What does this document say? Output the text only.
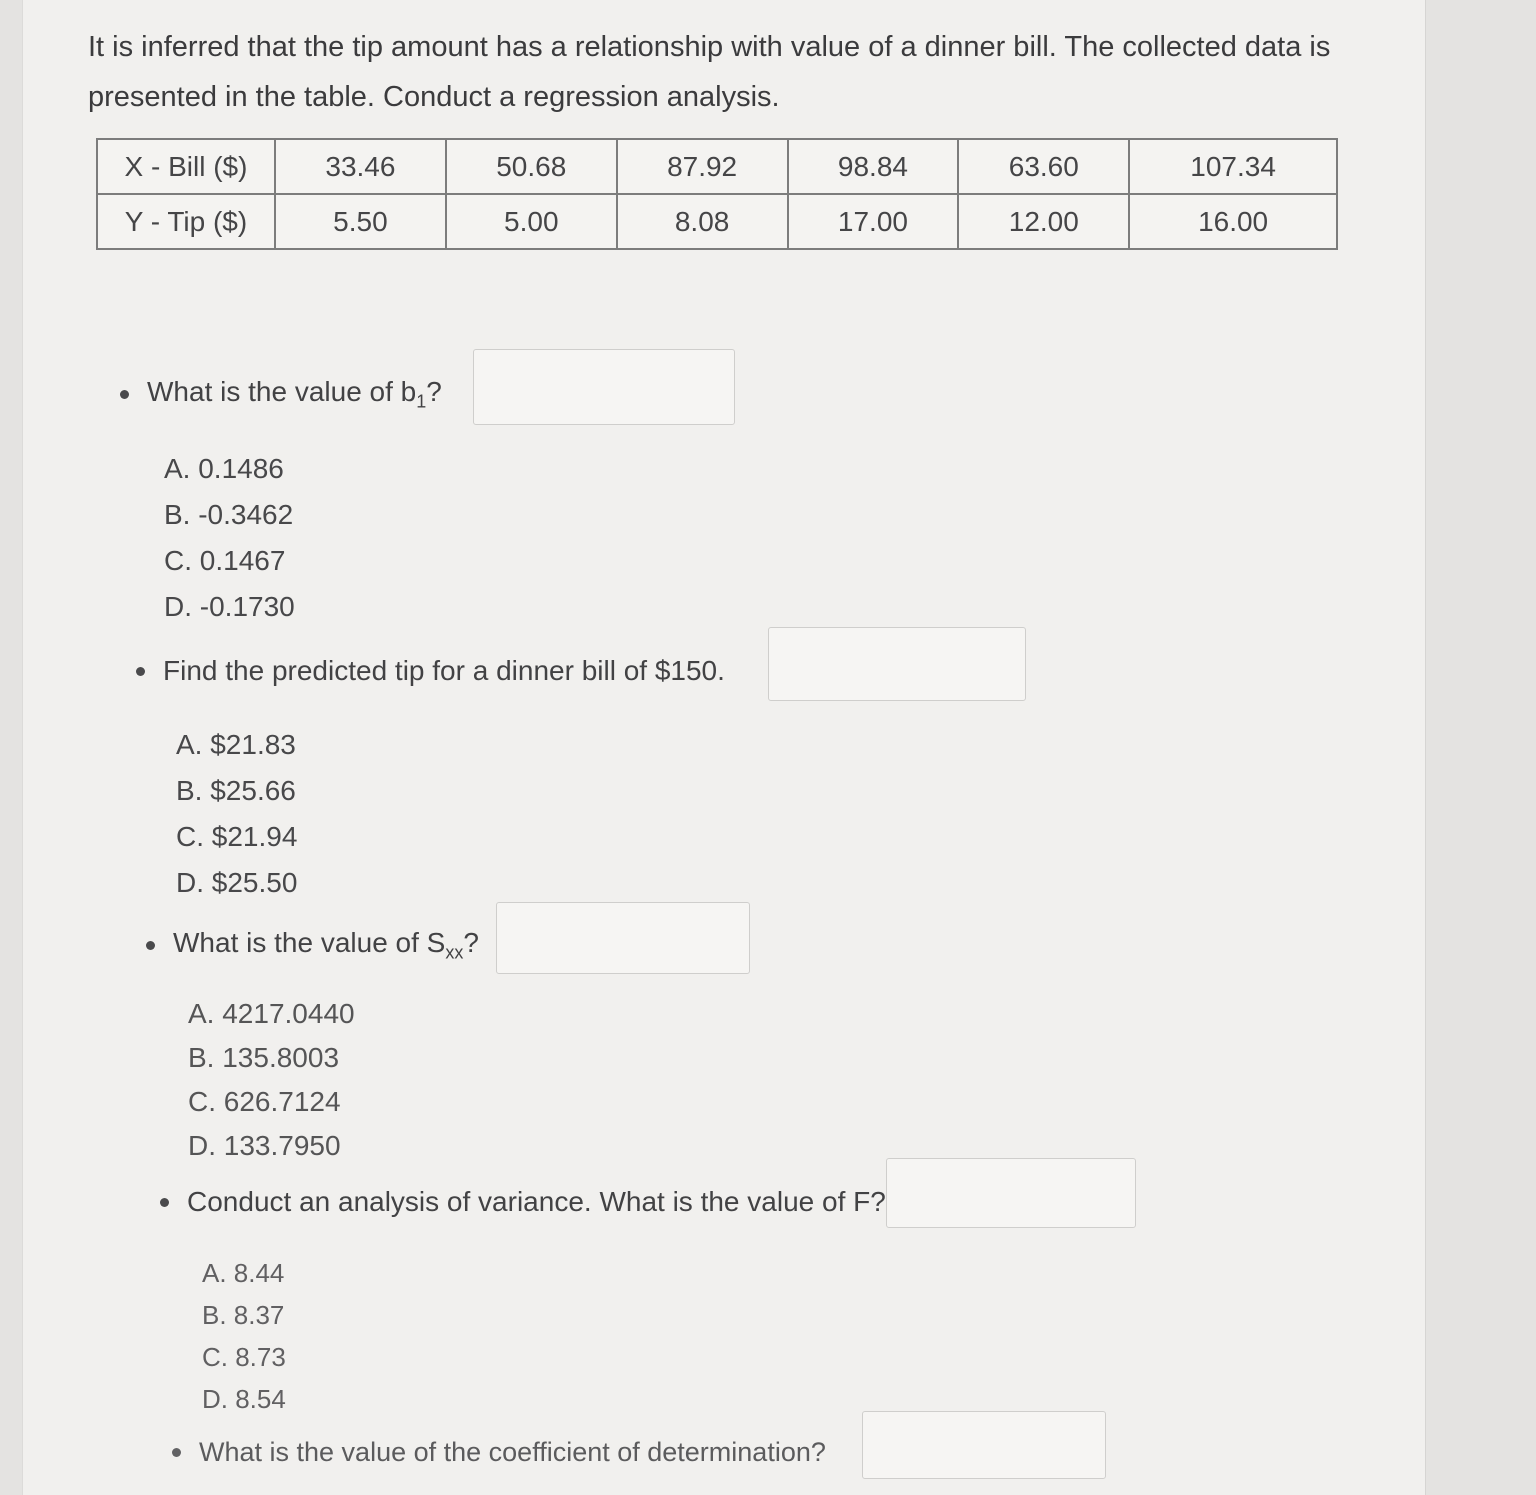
It is inferred that the tip amount has a relationship with value of a dinner bill. The collected data is presented in the table. Conduct a regression analysis.

X - Bill ($)	33.46	50.68	87.92	98.84	63.60	107.34
Y - Tip ($)	5.50	5.00	8.08	17.00	12.00	16.00
What is the value of $b_1$?
A. 0.1486
B. -0.3462
C. 0.1467
D. -0.1730
Find the predicted tip for a dinner bill of $150.
A. $21.83
B. $25.66
C. $21.94
D. $25.50
What is the value of $S_{xx}$?
A. 4217.0440
B. 135.8003
C. 626.7124
D. 133.7950
Conduct an analysis of variance. What is the value of F?
A. 8.44
B. 8.37
C. 8.73
D. 8.54
What is the value of the coefficient of determination?
